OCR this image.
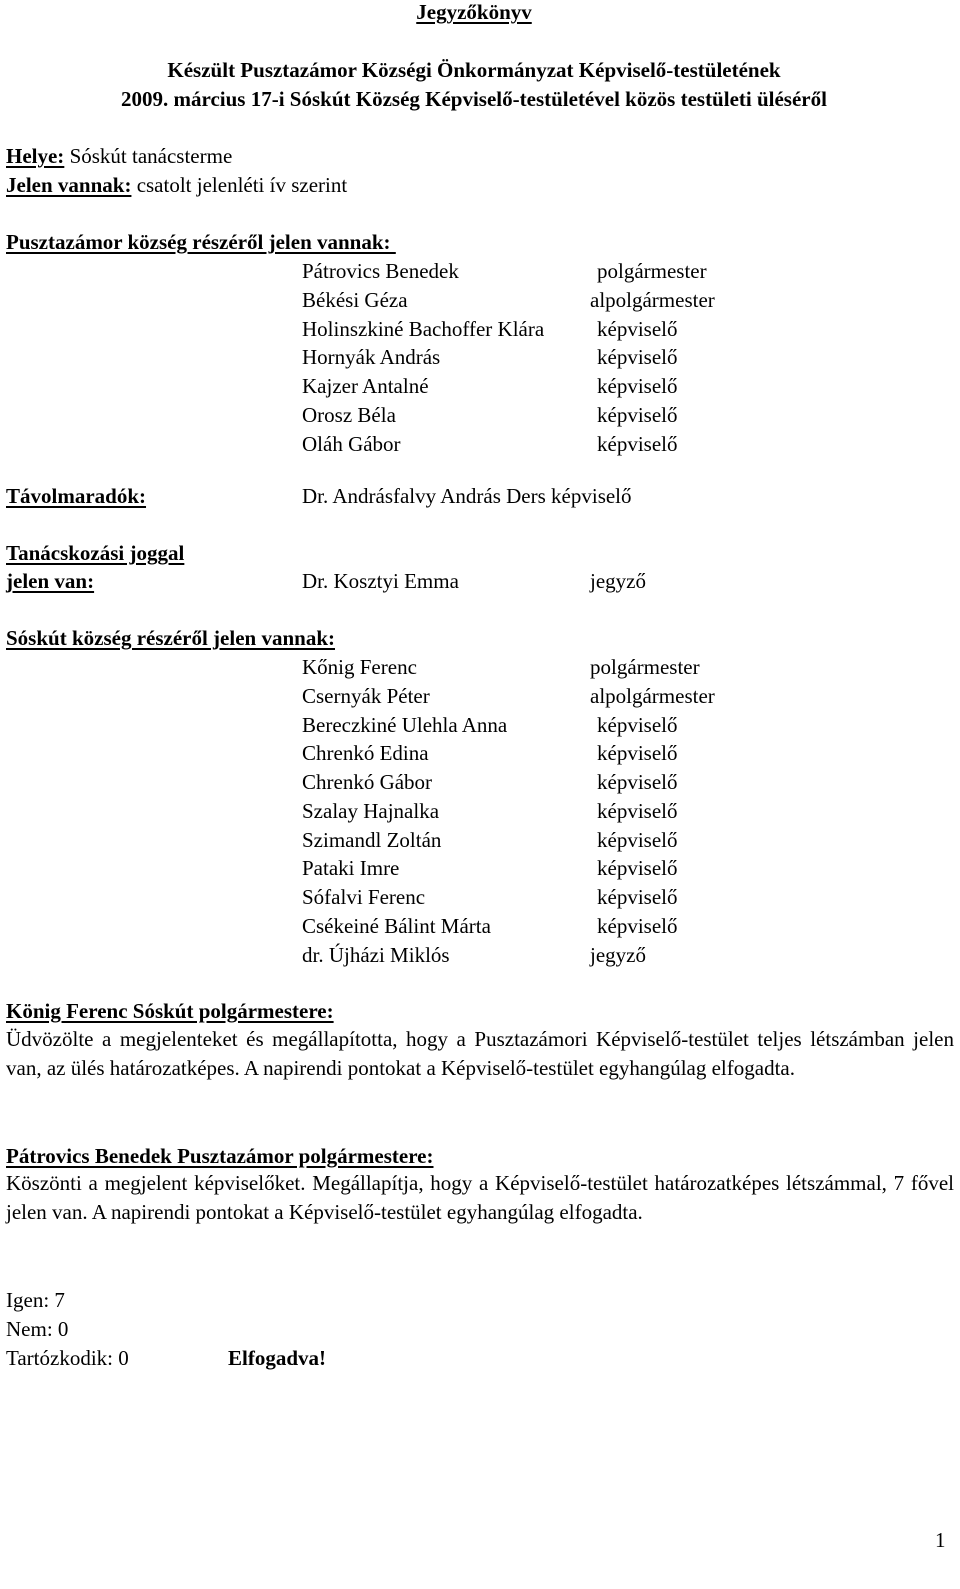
Jegyzőkönyv
Készült Pusztazámor Községi Önkormányzat Képviselő-testületének
2009. március 17-i Sóskút Község Képviselő-testületével közös testületi üléséről
Helye: Sóskút tanácsterme
Jelen vannak: csatolt jelenléti ív szerint
Pusztazámor község részéről jelen vannak:
Pátrovics Benedek	polgármester
Békési Géza	alpolgármester
Holinszkiné Bachoffer Klára	képviselő
Hornyák András	képviselő
Kajzer Antalné	képviselő
Orosz Béla	képviselő
Oláh Gábor	képviselő
Távolmaradók:	Dr. Andrásfalvy András Ders képviselő
Tanácskozási joggal
jelen van:	Dr. Kosztyi Emma	jegyző
Sóskút község részéről jelen vannak:
Kőnig Ferenc	polgármester
Csernyák Péter	alpolgármester
Bereczkiné Ulehla Anna	képviselő
Chrenkó Edina	képviselő
Chrenkó Gábor	képviselő
Szalay Hajnalka	képviselő
Szimandl Zoltán	képviselő
Pataki Imre	képviselő
Sófalvi Ferenc	képviselő
Csékeiné Bálint Márta	képviselő
dr. Újházi Miklós	jegyző
König Ferenc Sóskút polgármestere:
Üdvözölte a megjelenteket és megállapította, hogy a Pusztazámori Képviselő-testület teljes létszámban jelen van, az ülés határozatképes. A napirendi pontokat a Képviselő-testület egyhangúlag elfogadta.
Pátrovics Benedek Pusztazámor polgármestere:
Köszönti a megjelent képviselőket. Megállapítja, hogy a Képviselő-testület határozatképes létszámmal, 7 fővel jelen van. A napirendi pontokat a Képviselő-testület egyhangúlag elfogadta.
Igen: 7
Nem: 0
Tartózkodik: 0	Elfogadva!
1
